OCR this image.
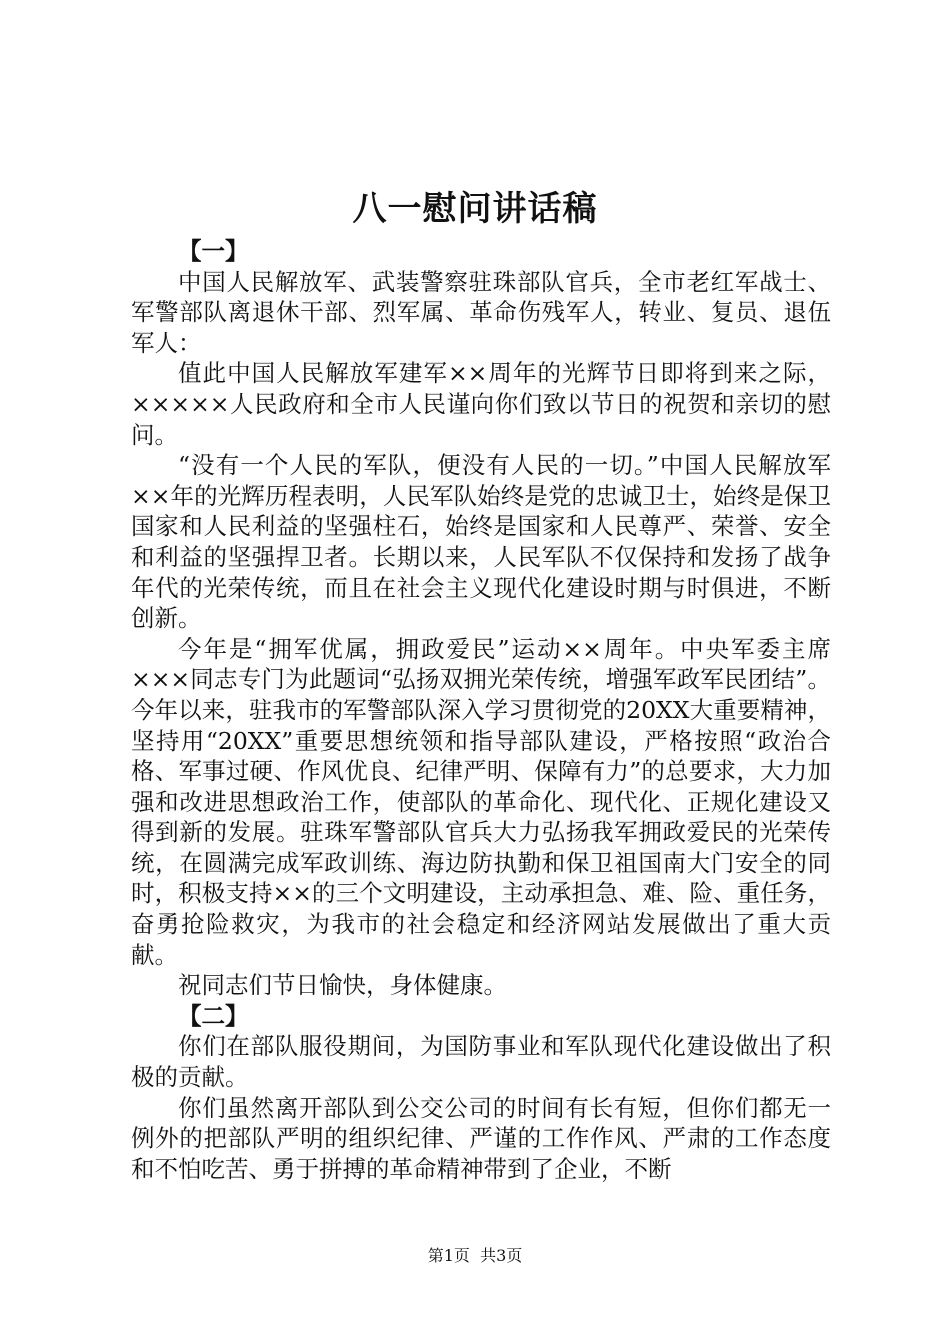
八一慰问讲话稿

【一】

中国人民解放军、武装警察驻珠部队官兵，全市老红军战士、军警部队离退休干部、烈军属、革命伤残军人，转业、复员、退伍军人：

值此中国人民解放军建军××周年的光辉节日即将到来之际，×××××人民政府和全市人民谨向你们致以节日的祝贺和亲切的慰问。

“没有一个人民的军队，便没有人民的一切。”中国人民解放军××年的光辉历程表明，人民军队始终是党的忠诚卫士，始终是保卫国家和人民利益的坚强柱石，始终是国家和人民尊严、荣誉、安全和利益的坚强捍卫者。长期以来，人民军队不仅保持和发扬了战争年代的光荣传统，而且在社会主义现代化建设时期与时俱进，不断创新。

今年是“拥军优属，拥政爱民”运动××周年。中央军委主席×××同志专门为此题词“弘扬双拥光荣传统，增强军政军民团结”。今年以来，驻我市的军警部队深入学习贯彻党的20XX大重要精神，坚持用“20XX”重要思想统领和指导部队建设，严格按照“政治合格、军事过硬、作风优良、纪律严明、保障有力”的总要求，大力加强和改进思想政治工作，使部队的革命化、现代化、正规化建设又得到新的发展。驻珠军警部队官兵大力弘扬我军拥政爱民的光荣传统，在圆满完成军政训练、海边防执勤和保卫祖国南大门安全的同时，积极支持××的三个文明建设，主动承担急、难、险、重任务，奋勇抢险救灾，为我市的社会稳定和经济网站发展做出了重大贡献。

祝同志们节日愉快，身体健康。

【二】

你们在部队服役期间，为国防事业和军队现代化建设做出了积极的贡献。

你们虽然离开部队到公交公司的时间有长有短，但你们都无一例外的把部队严明的组织纪律、严谨的工作作风、严肃的工作态度和不怕吃苦、勇于拼搏的革命精神带到了企业，不断

第1页  共3页
